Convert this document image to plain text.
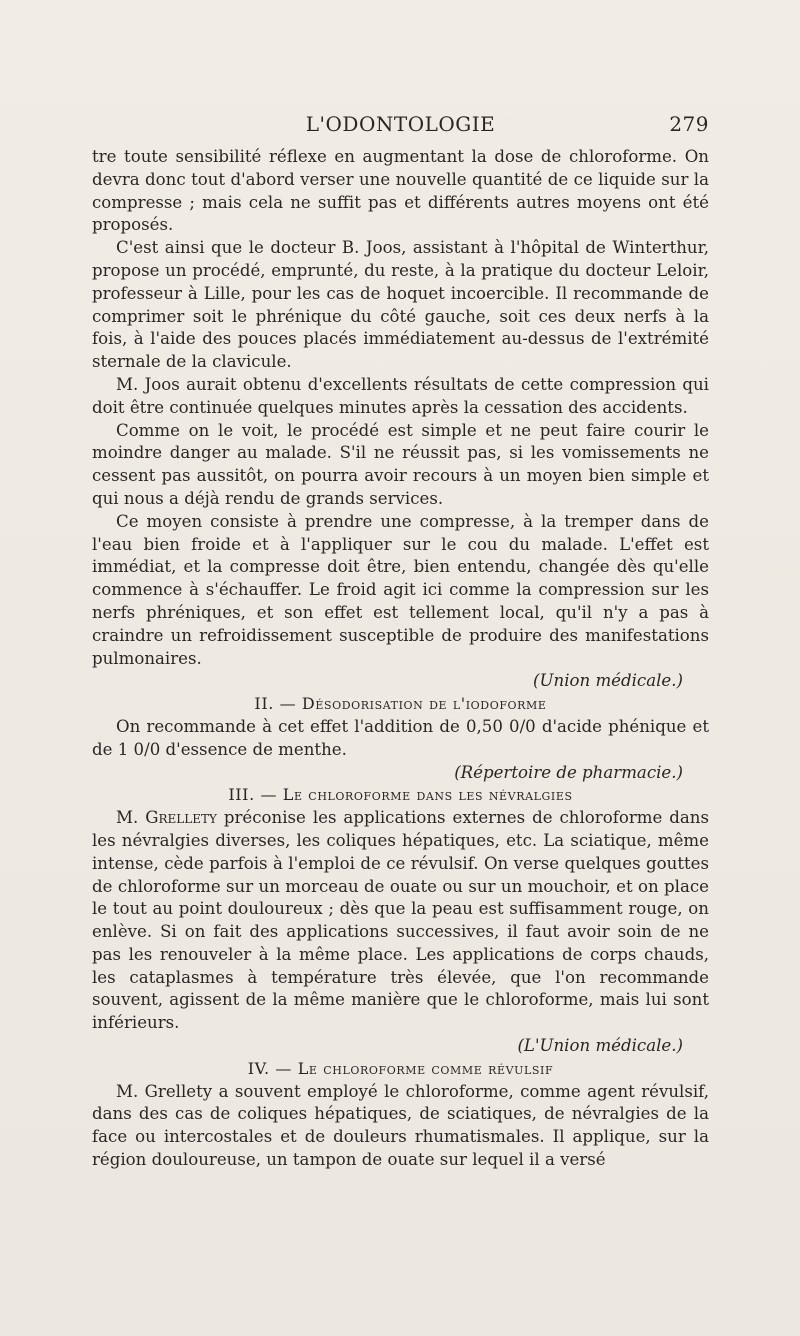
L'ODONTOLOGIE	279

tre toute sensibilité réflexe en augmentant la dose de chloroforme. On devra donc tout d'abord verser une nouvelle quantité de ce liquide sur la compresse ; mais cela ne suffit pas et différents autres moyens ont été proposés.

C'est ainsi que le docteur B. Joos, assistant à l'hôpital de Winterthur, propose un procédé, emprunté, du reste, à la pratique du docteur Leloir, professeur à Lille, pour les cas de hoquet incoercible. Il recommande de comprimer soit le phrénique du côté gauche, soit ces deux nerfs à la fois, à l'aide des pouces placés immédiatement au-dessus de l'extrémité sternale de la clavicule.

M. Joos aurait obtenu d'excellents résultats de cette compression qui doit être continuée quelques minutes après la cessation des accidents.

Comme on le voit, le procédé est simple et ne peut faire courir le moindre danger au malade. S'il ne réussit pas, si les vomissements ne cessent pas aussitôt, on pourra avoir recours à un moyen bien simple et qui nous a déjà rendu de grands services.

Ce moyen consiste à prendre une compresse, à la tremper dans de l'eau bien froide et à l'appliquer sur le cou du malade. L'effet est immédiat, et la compresse doit être, bien entendu, changée dès qu'elle commence à s'échauffer. Le froid agit ici comme la compression sur les nerfs phréniques, et son effet est tellement local, qu'il n'y a pas à craindre un refroidissement susceptible de produire des manifestations pulmonaires.

(Union médicale.)

II. — Désodorisation de l'iodoforme

On recommande à cet effet l'addition de 0,50 0/0 d'acide phénique et de 1 0/0 d'essence de menthe.

(Répertoire de pharmacie.)

III. — Le chloroforme dans les névralgies

M. Grellety préconise les applications externes de chloroforme dans les névralgies diverses, les coliques hépatiques, etc. La sciatique, même intense, cède parfois à l'emploi de ce révulsif. On verse quelques gouttes de chloroforme sur un morceau de ouate ou sur un mouchoir, et on place le tout au point douloureux ; dès que la peau est suffisamment rouge, on enlève. Si on fait des applications successives, il faut avoir soin de ne pas les renouveler à la même place. Les applications de corps chauds, les cataplasmes à température très élevée, que l'on recommande souvent, agissent de la même manière que le chloroforme, mais lui sont inférieurs.

(L'Union médicale.)

IV. — Le chloroforme comme révulsif

M. Grellety a souvent employé le chloroforme, comme agent révulsif, dans des cas de coliques hépatiques, de sciatiques, de névralgies de la face ou intercostales et de douleurs rhumatismales. Il applique, sur la région douloureuse, un tampon de ouate sur lequel il a versé
